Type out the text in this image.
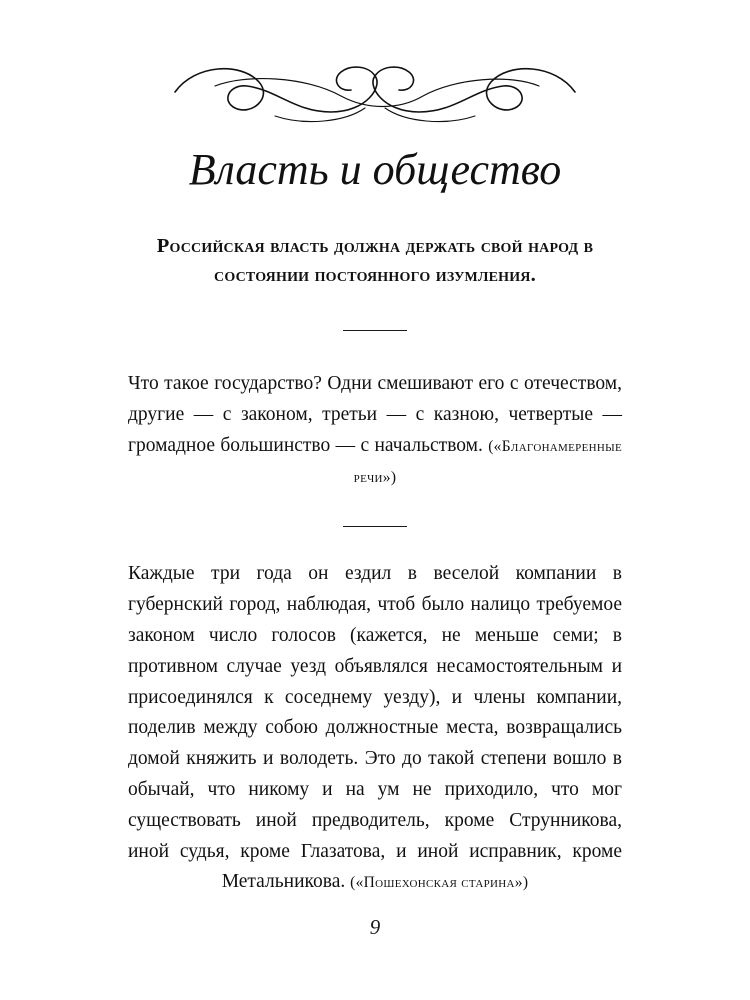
Власть и общество
Российская власть должна держать свой народ в состоянии постоянного изумления.

Что такое государство? Одни смешивают его с отечеством, другие — с законом, третьи — с казною, четвертые — громадное большинство — с начальством. («Благонамеренные речи»)

Каждые три года он ездил в веселой компании в губернский город, наблюдая, чтоб было налицо требуемое законом число голосов (кажется, не меньше семи; в противном случае уезд объявлялся несамостоятельным и присоединялся к соседнему уезду), и члены компании, поделив между собою должностные места, возвращались домой княжить и володеть. Это до такой степени вошло в обычай, что никому и на ум не приходило, что мог существовать иной предводитель, кроме Струнникова, иной судья, кроме Глазатова, и иной исправник, кроме Метальникова. («Пошехонская старина»)

9
